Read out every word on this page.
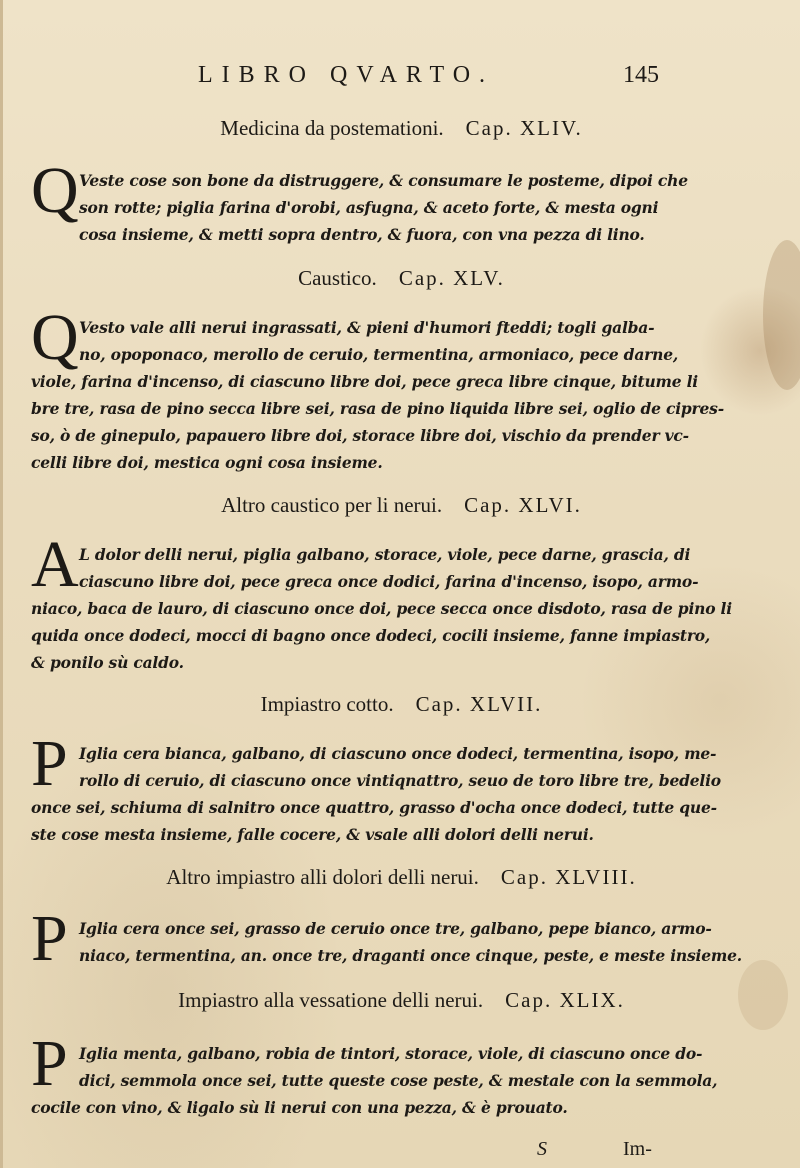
LIBRO QVARTO.	145
Medicina da postemationi. Cap. XLIV.
Q Veste cose son bone da distruggere, & consumare le posteme, dipoi che
son rotte; piglia farina d'orobi, asfugna, & aceto forte, & mesta ogni
cosa insieme, & metti sopra dentro, & fuora, con vna pezza di lino.
Caustico. Cap. XLV.
Q Vesto vale alli nerui ingrassati, & pieni d'humori fteddi; togli galba-
no, opoponaco, merollo de ceruio, termentina, armoniaco, pece darne,
viole, farina d'incenso, di ciascuno libre doi, pece greca libre cinque, bitume li
bre tre, rasa de pino secca libre sei, rasa de pino liquida libre sei, oglio de cipres-
so, ò de ginepulo, papauero libre doi, storace libre doi, vischio da prender vc-
celli libre doi, mestica ogni cosa insieme.
Altro caustico per li nerui. Cap. XLVI.
A L dolor delli nerui, piglia galbano, storace, viole, pece darne, grascia, di
ciascuno libre doi, pece greca once dodici, farina d'incenso, isopo, armo-
niaco, baca de lauro, di ciascuno once doi, pece secca once disdoto, rasa de pino li
quida once dodeci, mocci di bagno once dodeci, cocili insieme, fanne impiastro,
& ponilo sù caldo.
Impiastro cotto. Cap. XLVII.
P Iglia cera bianca, galbano, di ciascuno once dodeci, termentina, isopo, me-
rollo di ceruio, di ciascuno once vintiqnattro, seuo de toro libre tre, bedelio
once sei, schiuma di salnitro once quattro, grasso d'ocha once dodeci, tutte que-
ste cose mesta insieme, falle cocere, & vsale alli dolori delli nerui.
Altro impiastro alli dolori delli nerui. Cap. XLVIII.
P Iglia cera once sei, grasso de ceruio once tre, galbano, pepe bianco, armo-
niaco, termentina, an. once tre, draganti once cinque, peste, e meste insieme.
Impiastro alla vessatione delli nerui. Cap. XLIX.
P Iglia menta, galbano, robia de tintori, storace, viole, di ciascuno once do-
dici, semmola once sei, tutte queste cose peste, & mestale con la semmola,
cocile con vino, & ligalo sù li nerui con una pezza, & è prouato.
S	Im-
